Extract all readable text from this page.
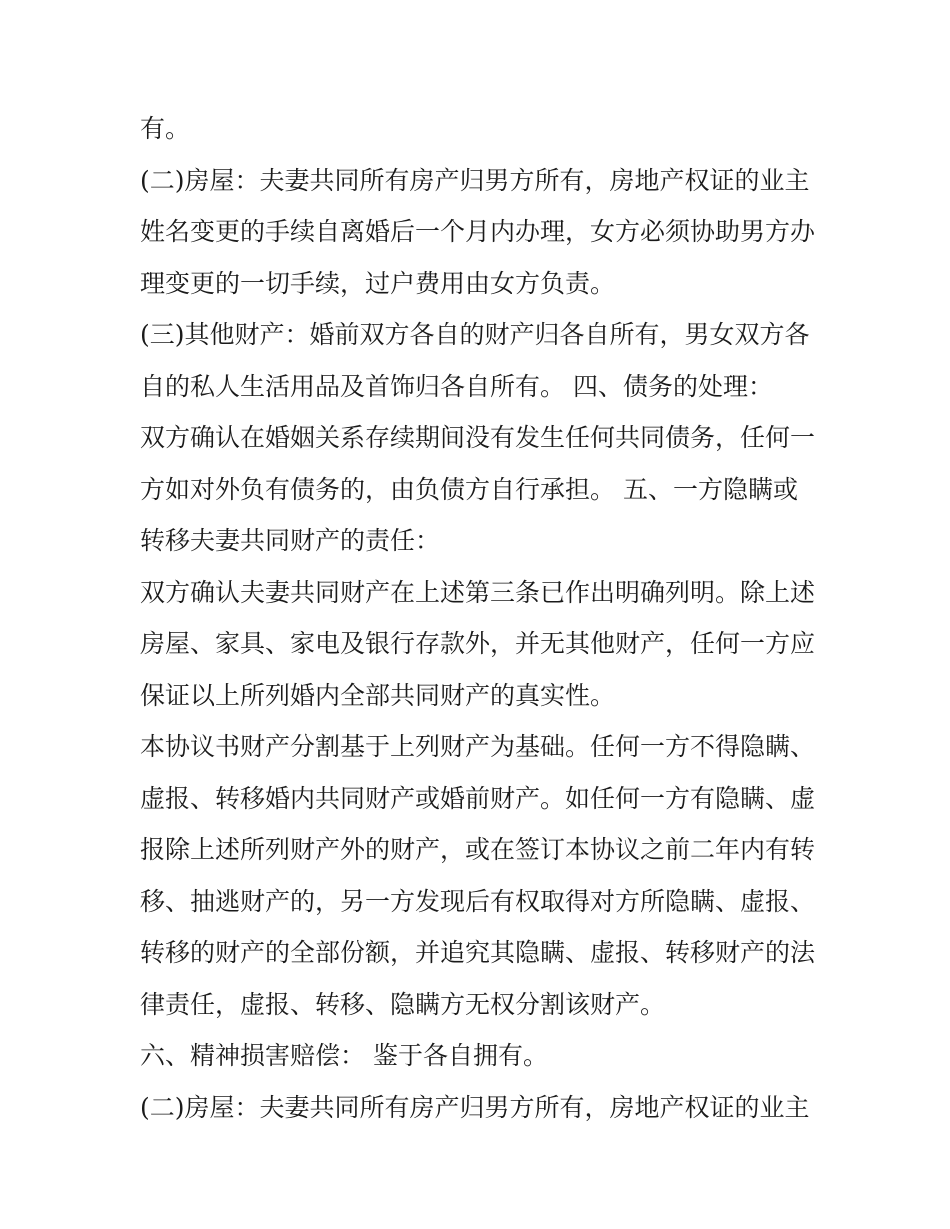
有。
(二)房屋：夫妻共同所有房产归男方所有，房地产权证的业主
姓名变更的手续自离婚后一个月内办理，女方必须协助男方办
理变更的一切手续，过户费用由女方负责。
(三)其他财产：婚前双方各自的财产归各自所有，男女双方各
自的私人生活用品及首饰归各自所有。 四、债务的处理：
双方确认在婚姻关系存续期间没有发生任何共同债务，任何一
方如对外负有债务的，由负债方自行承担。 五、一方隐瞒或
转移夫妻共同财产的责任：
双方确认夫妻共同财产在上述第三条已作出明确列明。除上述
房屋、家具、家电及银行存款外，并无其他财产，任何一方应
保证以上所列婚内全部共同财产的真实性。
本协议书财产分割基于上列财产为基础。任何一方不得隐瞒、
虚报、转移婚内共同财产或婚前财产。如任何一方有隐瞒、虚
报除上述所列财产外的财产，或在签订本协议之前二年内有转
移、抽逃财产的，另一方发现后有权取得对方所隐瞒、虚报、
转移的财产的全部份额，并追究其隐瞒、虚报、转移财产的法
律责任，虚报、转移、隐瞒方无权分割该财产。
六、精神损害赔偿： 鉴于各自拥有。
(二)房屋：夫妻共同所有房产归男方所有，房地产权证的业主
